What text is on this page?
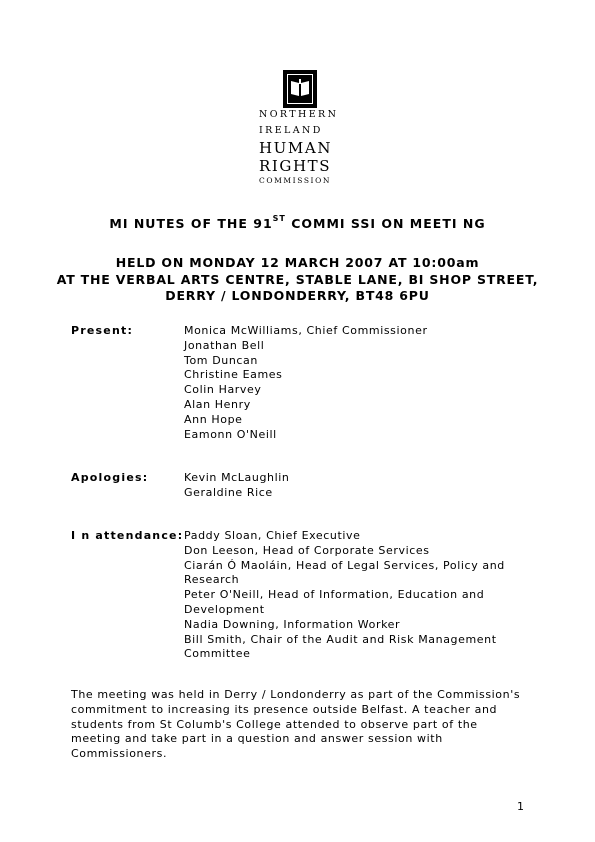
NORTHERN
IRELAND
HUMAN
RIGHTS
COMMISSION
MI NUTES OF THE 91ST COMMI SSI ON MEETI NG
HELD ON MONDAY 12 MARCH 2007 AT 10:00am
AT THE VERBAL ARTS CENTRE, STABLE LANE, BI SHOP STREET,
DERRY / LONDONDERRY, BT48 6PU
Present:	Monica McWilliams, Chief Commissioner
Jonathan Bell
Tom Duncan
Christine Eames
Colin Harvey
Alan Henry
Ann Hope
Eamonn O'Neill
Apologies:	Kevin McLaughlin
Geraldine Rice
I n attendance: Paddy Sloan, Chief Executive
Don Leeson, Head of Corporate Services
Ciarán Ó Maoláin, Head of Legal Services, Policy and
Research
Peter O'Neill, Head of Information, Education and
Development
Nadia Downing, Information Worker
Bill Smith, Chair of the Audit and Risk Management
Committee
The meeting was held in Derry / Londonderry as part of the Commission's
commitment to increasing its presence outside Belfast. A teacher and
students from St Columb's College attended to observe part of the
meeting and take part in a question and answer session with
Commissioners.
1
